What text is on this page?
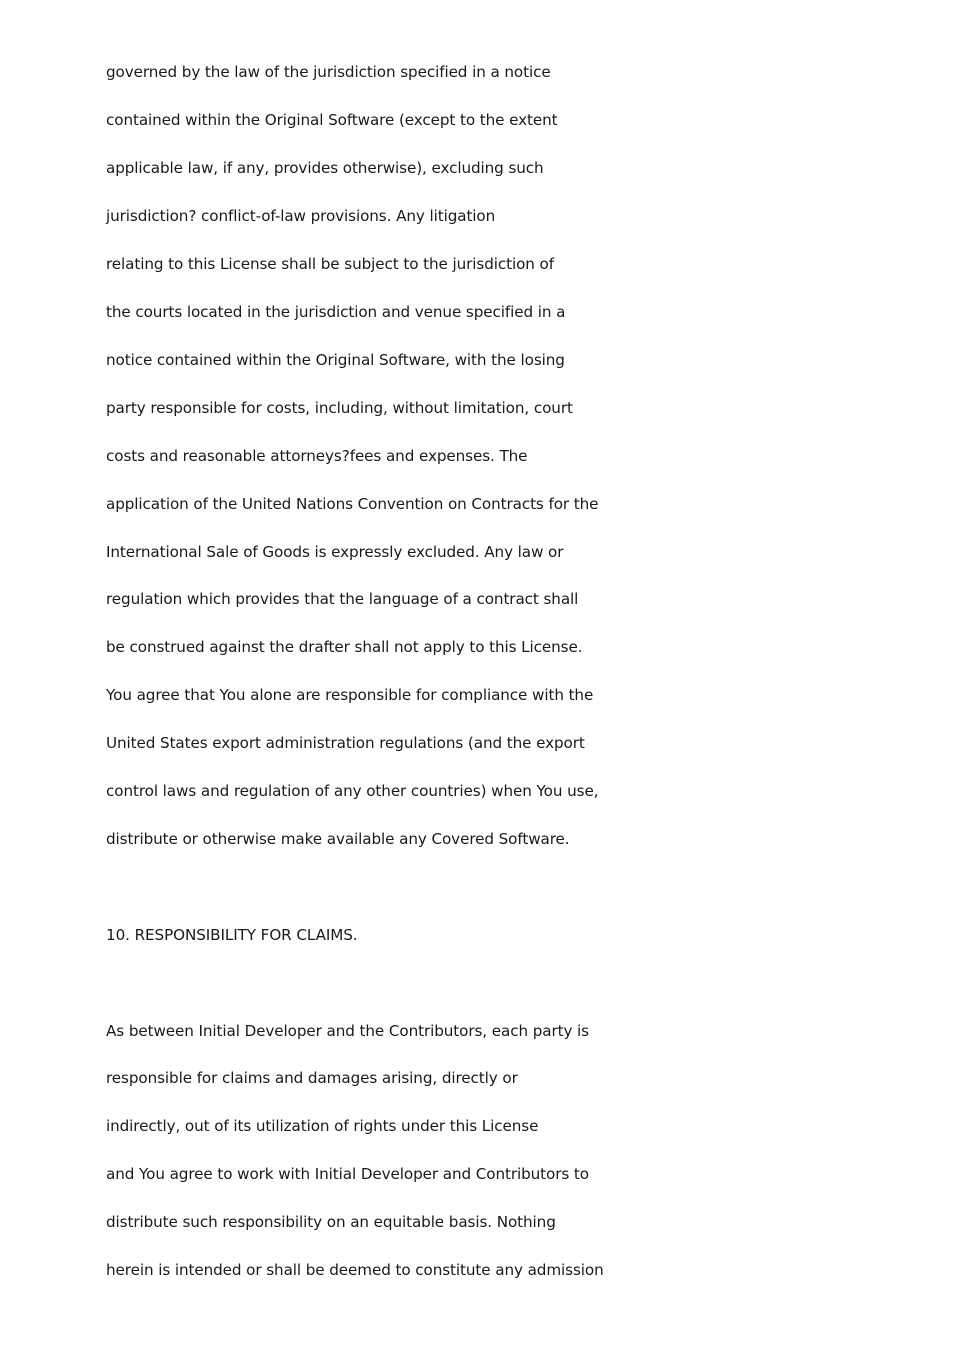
governed by the law of the jurisdiction specified in a notice
contained within the Original Software (except to the extent
applicable law, if any, provides otherwise), excluding such
jurisdiction? conflict-of-law provisions. Any litigation
relating to this License shall be subject to the jurisdiction of
the courts located in the jurisdiction and venue specified in a
notice contained within the Original Software, with the losing
party responsible for costs, including, without limitation, court
costs and reasonable attorneys?fees and expenses. The
application of the United Nations Convention on Contracts for the
International Sale of Goods is expressly excluded. Any law or
regulation which provides that the language of a contract shall
be construed against the drafter shall not apply to this License.
You agree that You alone are responsible for compliance with the
United States export administration regulations (and the export
control laws and regulation of any other countries) when You use,
distribute or otherwise make available any Covered Software.
10. RESPONSIBILITY FOR CLAIMS.
As between Initial Developer and the Contributors, each party is
responsible for claims and damages arising, directly or
indirectly, out of its utilization of rights under this License
and You agree to work with Initial Developer and Contributors to
distribute such responsibility on an equitable basis. Nothing
herein is intended or shall be deemed to constitute any admission
